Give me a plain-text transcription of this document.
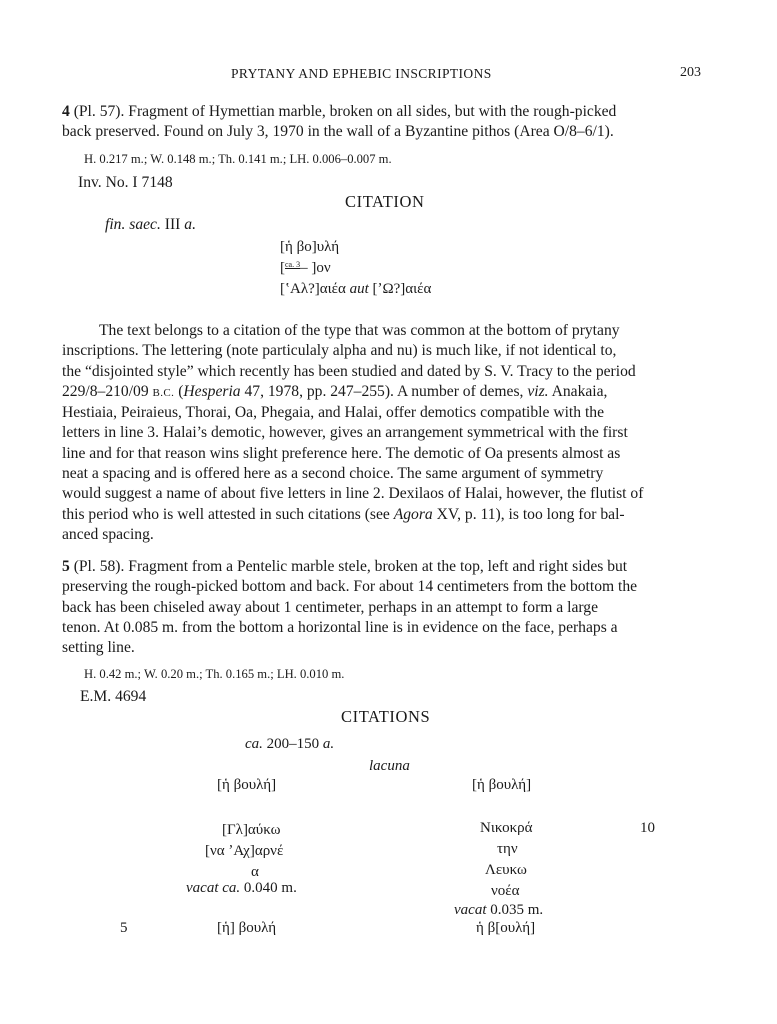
PRYTANY AND EPHEBIC INSCRIPTIONS	203

4 (Pl. 57). Fragment of Hymettian marble, broken on all sides, but with the rough-picked

back preserved. Found on July 3, 1970 in the wall of a Byzantine pithos (Area O/8–6/1).

H. 0.217 m.; W. 0.148 m.; Th. 0.141 m.; LH. 0.006–0.007 m.
Inv. No. I 7148
CITATION
fin. saec. III a.
[ἡ βο]υλή
[$^{ca. 3}$– ]ον
[ʽΑλ?]αιέα aut [ʼΩ?]αιέα

The text belongs to a citation of the type that was common at the bottom of prytany

inscriptions. The lettering (note particulaly alpha and nu) is much like, if not identical to,

the “disjointed style” which recently has been studied and dated by S. V. Tracy to the period

229/8–210/09 B.C. (Hesperia 47, 1978, pp. 247–255). A number of demes, viz. Anakaia,

Hestiaia, Peiraieus, Thorai, Oa, Phegaia, and Halai, offer demotics compatible with the

letters in line 3. Halai’s demotic, however, gives an arrangement symmetrical with the first

line and for that reason wins slight preference here. The demotic of Oa presents almost as

neat a spacing and is offered here as a second choice. The same argument of symmetry

would suggest a name of about five letters in line 2. Dexilaos of Halai, however, the flutist of

this period who is well attested in such citations (see Agora XV, p. 11), is too long for bal-

anced spacing.

5 (Pl. 58). Fragment from a Pentelic marble stele, broken at the top, left and right sides but

preserving the rough-picked bottom and back. For about 14 centimeters from the bottom the

back has been chiseled away about 1 centimeter, perhaps in an attempt to form a large

tenon. At 0.085 m. from the bottom a horizontal line is in evidence on the face, perhaps a

setting line.

H. 0.42 m.; W. 0.20 m.; Th. 0.165 m.; LH. 0.010 m.
E.M. 4694
CITATIONS
ca. 200–150 a.
lacuna
[ἡ βουλή]
[Γλ]αύκω
[να ʼΑχ]αρνέ
α
vacat ca. 0.040 m.
5	[ἡ] βουλή
[ἡ βουλή]
Νικοκρά	10
την
Λευκω
νοέα
vacat 0.035 m.
ἡ β[ουλή]
